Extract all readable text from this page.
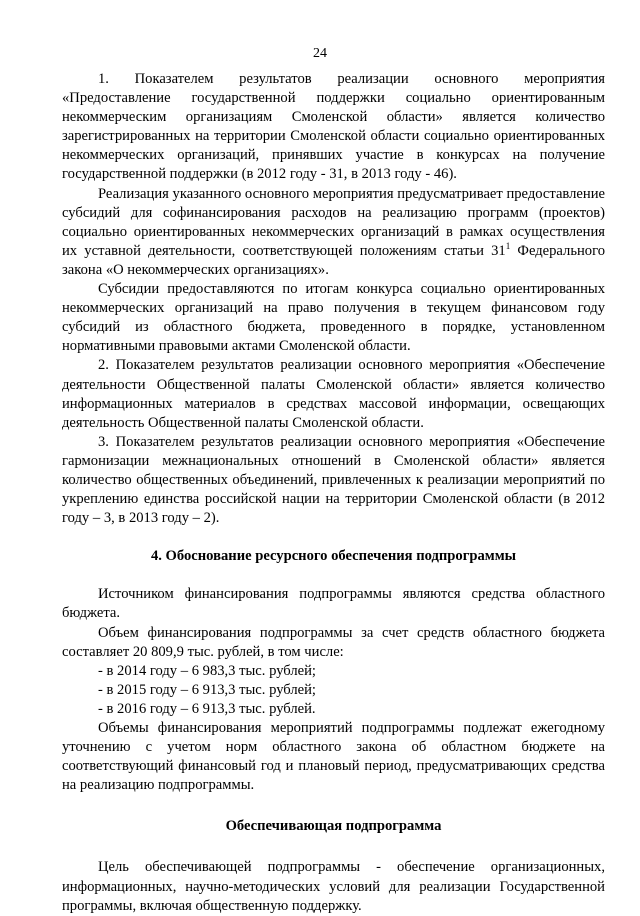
24

1. Показателем результатов реализации основного мероприятия «Предоставление государственной поддержки социально ориентированным некоммерческим организациям Смоленской области» является количество зарегистрированных на территории Смоленской области социально ориентированных некоммерческих организаций, принявших участие в конкурсах на получение государственной поддержки (в 2012 году - 31, в 2013 году - 46).

Реализация указанного основного мероприятия предусматривает предоставление субсидий для софинансирования расходов на реализацию программ (проектов) социально ориентированных некоммерческих организаций в рамках осуществления их уставной деятельности, соответствующей положениям статьи $31^1$ Федерального закона «О некоммерческих организациях».

Субсидии предоставляются по итогам конкурса социально ориентированных некоммерческих организаций на право получения в текущем финансовом году субсидий из областного бюджета, проведенного в порядке, установленном нормативными правовыми актами Смоленской области.

2. Показателем результатов реализации основного мероприятия «Обеспечение деятельности Общественной палаты Смоленской области» является количество информационных материалов в средствах массовой информации, освещающих деятельность Общественной палаты Смоленской области.

3. Показателем результатов реализации основного мероприятия «Обеспечение гармонизации межнациональных отношений в Смоленской области» является количество общественных объединений, привлеченных к реализации мероприятий по укреплению единства российской нации на территории Смоленской области (в 2012 году – 3, в 2013 году – 2).

4. Обоснование ресурсного обеспечения подпрограммы

Источником финансирования подпрограммы являются средства областного бюджета.

Объем финансирования подпрограммы за счет средств областного бюджета составляет 20 809,9 тыс. рублей, в том числе:

- в 2014 году – 6 983,3 тыс. рублей;
- в 2015 году – 6 913,3 тыс. рублей;
- в 2016 году – 6 913,3 тыс. рублей.

Объемы финансирования мероприятий подпрограммы подлежат ежегодному уточнению с учетом норм областного закона об областном бюджете на соответствующий финансовый год и плановый период, предусматривающих средства на реализацию подпрограммы.

Обеспечивающая подпрограмма

Цель обеспечивающей подпрограммы - обеспечение организационных, информационных, научно-методических условий для реализации Государственной программы, включая общественную поддержку.
